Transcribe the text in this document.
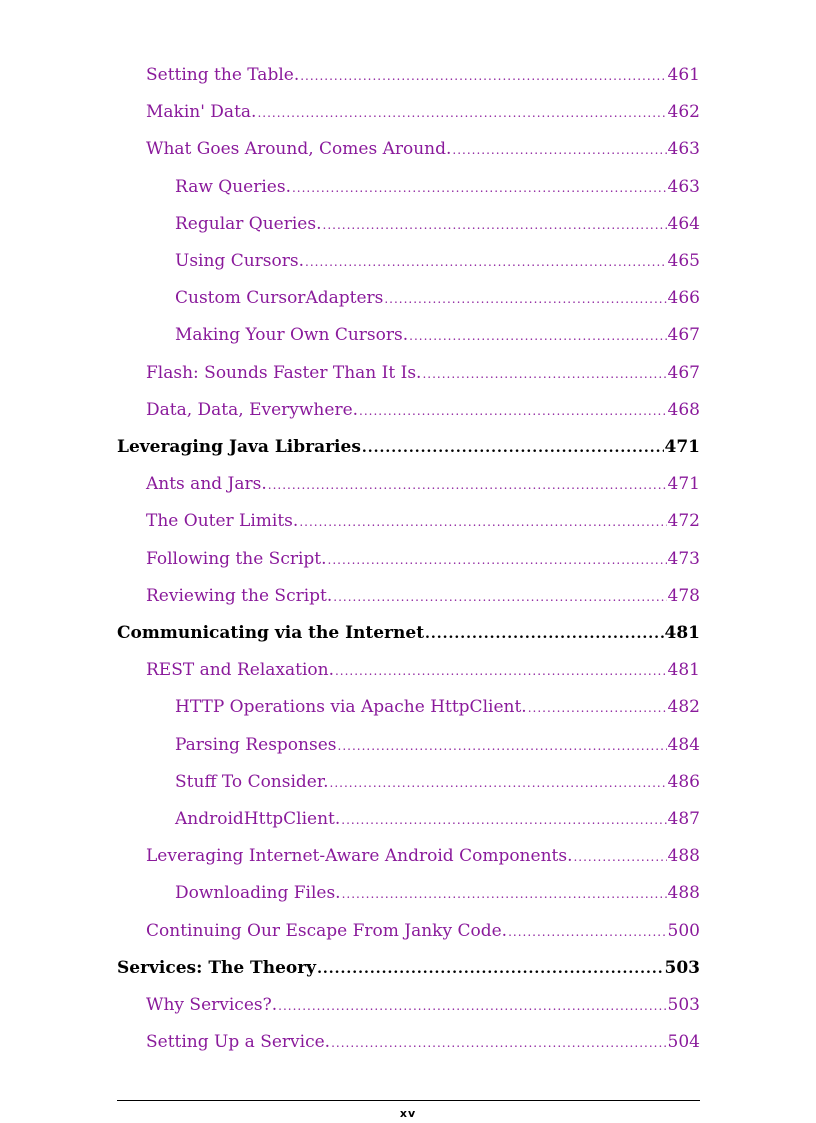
Setting the Table. .....	461
Makin' Data. .....	462
What Goes Around, Comes Around. .....	463
Raw Queries. .....	463
Regular Queries. .....	464
Using Cursors. .....	465
Custom CursorAdapters .....	466
Making Your Own Cursors. .....	467
Flash: Sounds Faster Than It Is. .....	467
Data, Data, Everywhere. .....	468
Leveraging Java Libraries .....	471
Ants and Jars. .....	471
The Outer Limits. .....	472
Following the Script. .....	473
Reviewing the Script. .....	478
Communicating via the Internet .....	481
REST and Relaxation. .....	481
HTTP Operations via Apache HttpClient. .....	482
Parsing Responses .....	484
Stuff To Consider. .....	486
AndroidHttpClient. .....	487
Leveraging Internet-Aware Android Components. .....	488
Downloading Files. .....	488
Continuing Our Escape From Janky Code. .....	500
Services: The Theory .....	503
Why Services?. .....	503
Setting Up a Service. .....	504
xv
